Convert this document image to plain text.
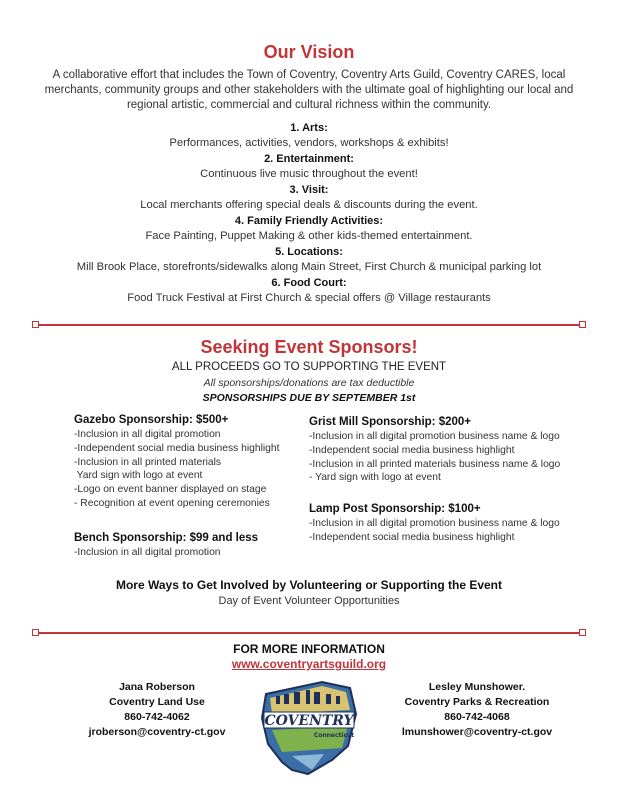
Our Vision
A collaborative effort that includes the Town of Coventry, Coventry Arts Guild, Coventry CARES, local merchants, community groups and other stakeholders with the ultimate goal of highlighting our local and regional artistic, commercial and cultural richness within the community.
1. Arts:
Performances, activities, vendors, workshops & exhibits!
2. Entertainment:
Continuous live music throughout the event!
3. Visit:
Local merchants offering special deals & discounts during the event.
4. Family Friendly Activities:
Face Painting, Puppet Making & other kids-themed entertainment.
5. Locations:
Mill Brook Place, storefronts/sidewalks along Main Street, First Church & municipal parking lot
6. Food Court:
Food Truck Festival at First Church & special offers @ Village restaurants
Seeking Event Sponsors!
ALL PROCEEDS GO TO SUPPORTING THE EVENT
All sponsorships/donations are tax deductible
SPONSORSHIPS DUE BY SEPTEMBER 1st
Gazebo Sponsorship: $500+
-Inclusion in all digital promotion
-Independent social media business highlight
-Inclusion in all printed materials
Yard sign with logo at event
-Logo on event banner displayed on stage
- Recognition at event opening ceremonies
Bench Sponsorship: $99 and less
-Inclusion in all digital promotion
Grist Mill Sponsorship: $200+
-Inclusion in all digital promotion business name & logo
-Independent social media business highlight
-Inclusion in all printed materials business name & logo
- Yard sign with logo at event
Lamp Post Sponsorship: $100+
-Inclusion in all digital promotion business name & logo
-Independent social media business highlight
More Ways to Get Involved by Volunteering or Supporting the Event
Day of Event Volunteer Opportunities
FOR MORE INFORMATION
www.coventryartsguild.org
Jana Roberson
Coventry Land Use
860-742-4062
jroberson@coventry-ct.gov
Lesley Munshower.
Coventry Parks & Recreation
860-742-4068
lmunshower@coventry-ct.gov
COVENTRY
Connecticut
